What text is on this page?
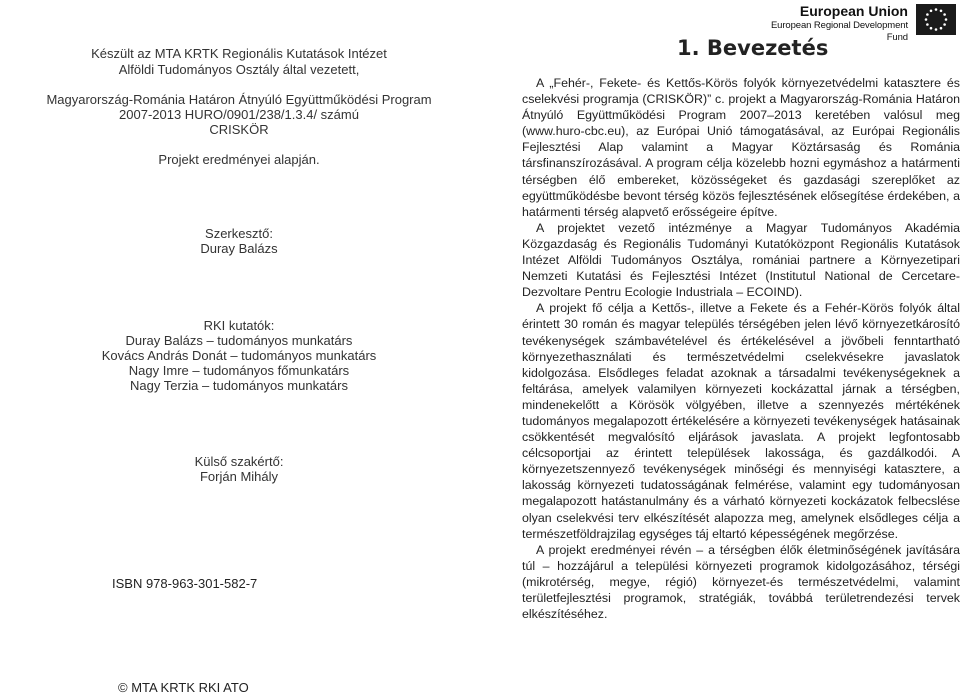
Készült az MTA KRTK Regionális Kutatások Intézet
Alföldi Tudományos Osztály által vezetett,
Magyarország-Románia Határon Átnyúló Együttműködési Program
2007-2013 HURO/0901/238/1.3.4/ számú
CRISKÖR
Projekt eredményei alapján.
Szerkesztő:
Duray Balázs
RKI kutatók:
Duray Balázs – tudományos munkatárs
Kovács András Donát – tudományos munkatárs
Nagy Imre – tudományos főmunkatárs
Nagy Terzia – tudományos munkatárs
Külső szakértő:
Forján Mihály
ISBN 978-963-301-582-7
© MTA KRTK RKI ATO
European Union
European Regional Development Fund
1. Bevezetés

A „Fehér-, Fekete- és Kettős-Körös folyók környezetvédelmi katasztere és cselekvési programja (CRISKÖR)” c. projekt a Magyarország-Románia Határon Átnyúló Együttműködési Program 2007–2013 keretében valósul meg (www.huro-cbc.eu), az Európai Unió támogatásával, az Európai Regionális Fejlesztési Alap valamint a Magyar Köztársaság és Románia társfinanszírozásával. A program célja közelebb hozni egymáshoz a határmenti térségben élő embereket, közösségeket és gazdasági szereplőket az együttműködésbe bevont térség közös fejlesztésének elősegítése érdekében, a határmenti térség alapvető erősségeire építve.

A projektet vezető intézménye a Magyar Tudományos Akadémia Közgazdaság és Regionális Tudományi Kutatóközpont Regionális Kutatások Intézet Alföldi Tudományos Osztálya, romániai partnere a Környezetipari Nemzeti Kutatási és Fejlesztési Intézet (Institutul National de Cercetare-Dezvoltare Pentru Ecologie Industriala – ECOIND).

A projekt fő célja a Kettős-, illetve a Fekete és a Fehér-Körös folyók által érintett 30 román és magyar település térségében jelen lévő környezetkárosító tevékenységek számbavételével és értékelésével a jövőbeli fenntartható környezethasználati és természetvédelmi cselekvésekre javaslatok kidolgozása. Elsődleges feladat azoknak a társadalmi tevékenységeknek a feltárása, amelyek valamilyen környezeti kockázattal járnak a térségben, mindenekelőtt a Körösök völgyében, illetve a szennyezés mértékének tudományos megalapozott értékelésére a környezeti tevékenységek hatásainak csökkentését megvalósító eljárások javaslata. A projekt legfontosabb célcsoportjai az érintett települések lakossága, és gazdálkodói. A környezetszennyező tevékenységek minőségi és mennyiségi katasztere, a lakosság környezeti tudatosságának felmérése, valamint egy tudományosan megalapozott hatástanulmány és a várható környezeti kockázatok felbecslése olyan cselekvési terv elkészítését alapozza meg, amelynek elsődleges célja a természetföldrajzilag egységes táj eltartó képességének megőrzése.

A projekt eredményei révén – a térségben élők életminőségének javítására túl – hozzájárul a települési környezeti programok kidolgozásához, térségi (mikrotérség, megye, régió) környezet-és természetvédelmi, valamint területfejlesztési programok, stratégiák, továbbá területrendezési tervek elkészítéséhez.
